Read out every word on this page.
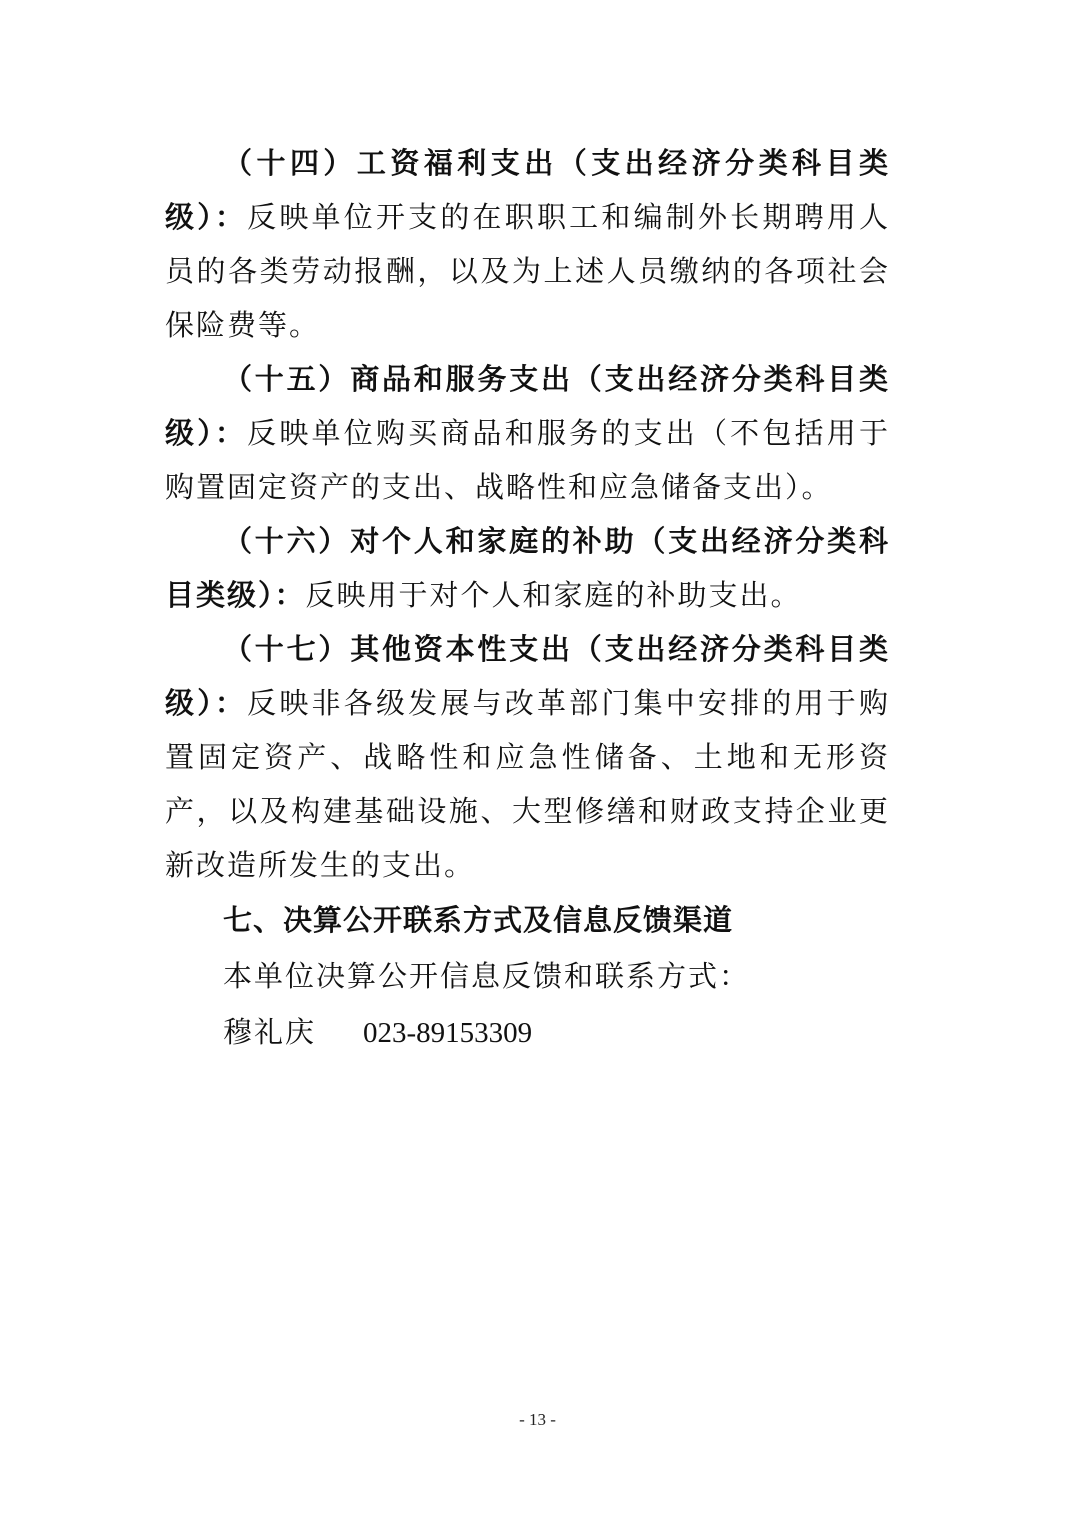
（十四）工资福利支出（支出经济分类科目类级）：反映单位开支的在职职工和编制外长期聘用人员的各类劳动报酬，以及为上述人员缴纳的各项社会保险费等。

（十五）商品和服务支出（支出经济分类科目类级）：反映单位购买商品和服务的支出（不包括用于购置固定资产的支出、战略性和应急储备支出）。

（十六）对个人和家庭的补助（支出经济分类科目类级）：反映用于对个人和家庭的补助支出。

（十七）其他资本性支出（支出经济分类科目类级）：反映非各级发展与改革部门集中安排的用于购置固定资产、战略性和应急性储备、土地和无形资产，以及构建基础设施、大型修缮和财政支持企业更新改造所发生的支出。

七、决算公开联系方式及信息反馈渠道

本单位决算公开信息反馈和联系方式：

穆礼庆 023-89153309

- 13 -
